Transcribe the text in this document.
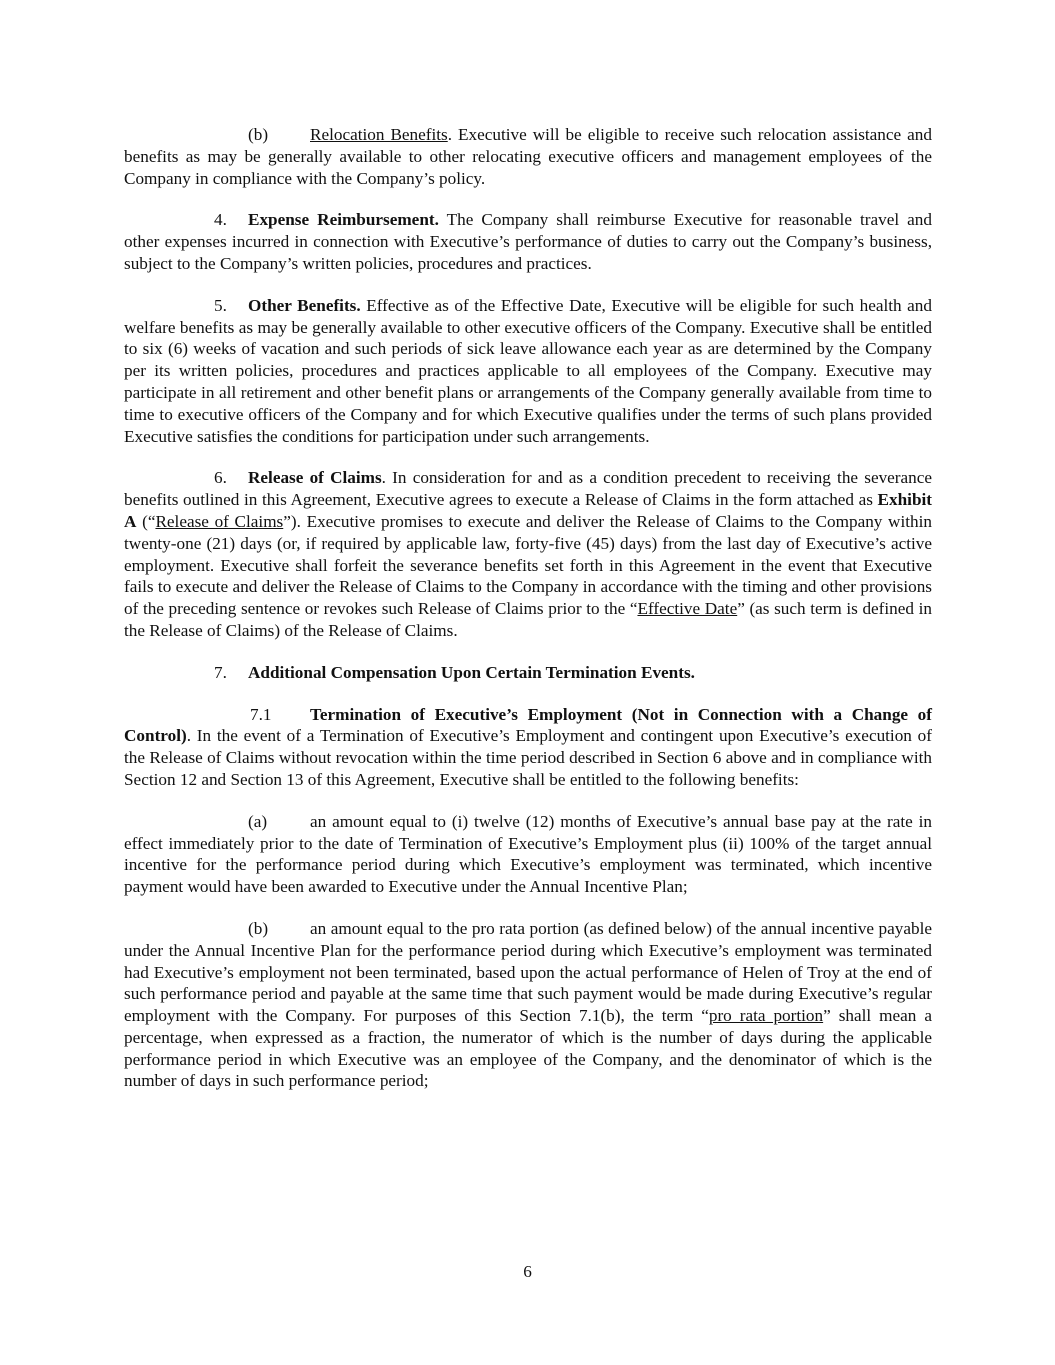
(b) Relocation Benefits. Executive will be eligible to receive such relocation assistance and benefits as may be generally available to other relocating executive officers and management employees of the Company in compliance with the Company’s policy.

4. Expense Reimbursement. The Company shall reimburse Executive for reasonable travel and other expenses incurred in connection with Executive’s performance of duties to carry out the Company’s business, subject to the Company’s written policies, procedures and practices.

5. Other Benefits. Effective as of the Effective Date, Executive will be eligible for such health and welfare benefits as may be generally available to other executive officers of the Company. Executive shall be entitled to six (6) weeks of vacation and such periods of sick leave allowance each year as are determined by the Company per its written policies, procedures and practices applicable to all employees of the Company. Executive may participate in all retirement and other benefit plans or arrangements of the Company generally available from time to time to executive officers of the Company and for which Executive qualifies under the terms of such plans provided Executive satisfies the conditions for participation under such arrangements.

6. Release of Claims. In consideration for and as a condition precedent to receiving the severance benefits outlined in this Agreement, Executive agrees to execute a Release of Claims in the form attached as Exhibit A (“Release of Claims”). Executive promises to execute and deliver the Release of Claims to the Company within twenty-one (21) days (or, if required by applicable law, forty-five (45) days) from the last day of Executive’s active employment. Executive shall forfeit the severance benefits set forth in this Agreement in the event that Executive fails to execute and deliver the Release of Claims to the Company in accordance with the timing and other provisions of the preceding sentence or revokes such Release of Claims prior to the “Effective Date” (as such term is defined in the Release of Claims) of the Release of Claims.

7. Additional Compensation Upon Certain Termination Events.

7.1 Termination of Executive’s Employment (Not in Connection with a Change of Control). In the event of a Termination of Executive’s Employment and contingent upon Executive’s execution of the Release of Claims without revocation within the time period described in Section 6 above and in compliance with Section 12 and Section 13 of this Agreement, Executive shall be entitled to the following benefits:

(a) an amount equal to (i) twelve (12) months of Executive’s annual base pay at the rate in effect immediately prior to the date of Termination of Executive’s Employment plus (ii) 100% of the target annual incentive for the performance period during which Executive’s employment was terminated, which incentive payment would have been awarded to Executive under the Annual Incentive Plan;

(b) an amount equal to the pro rata portion (as defined below) of the annual incentive payable under the Annual Incentive Plan for the performance period during which Executive’s employment was terminated had Executive’s employment not been terminated, based upon the actual performance of Helen of Troy at the end of such performance period and payable at the same time that such payment would be made during Executive’s regular employment with the Company. For purposes of this Section 7.1(b), the term “pro rata portion” shall mean a percentage, when expressed as a fraction, the numerator of which is the number of days during the applicable performance period in which Executive was an employee of the Company, and the denominator of which is the number of days in such performance period;

6
